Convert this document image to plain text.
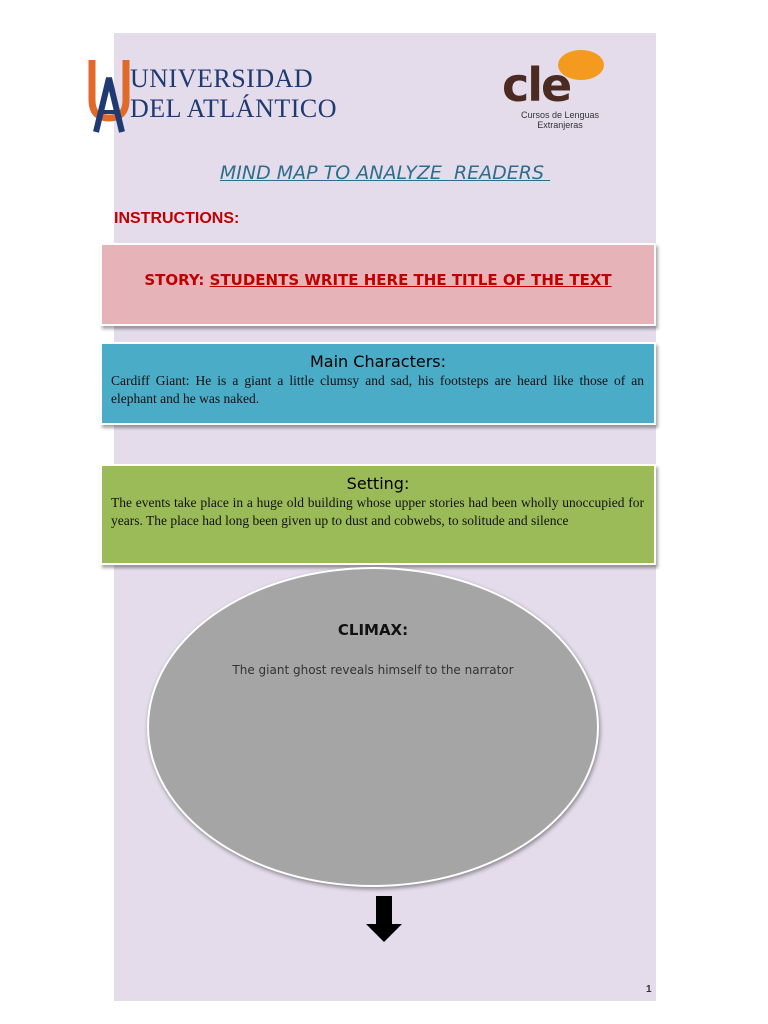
UNIVERSIDAD
DEL ATLÁNTICO	cle
Cursos de Lenguas
Extranjeras
MIND MAP TO ANALYZE  READERS
INSTRUCTIONS:
STORY: STUDENTS WRITE HERE THE TITLE OF THE TEXT
Main Characters:
Cardiff Giant: He is a giant a little clumsy and sad, his footsteps are heard like those of an elephant and he was naked.
Setting:
The events take place in a huge old building whose upper stories had been wholly unoccupied for years. The place had long been given up to dust and cobwebs, to solitude and silence
CLIMAX:
The giant ghost reveals himself to the narrator
1
